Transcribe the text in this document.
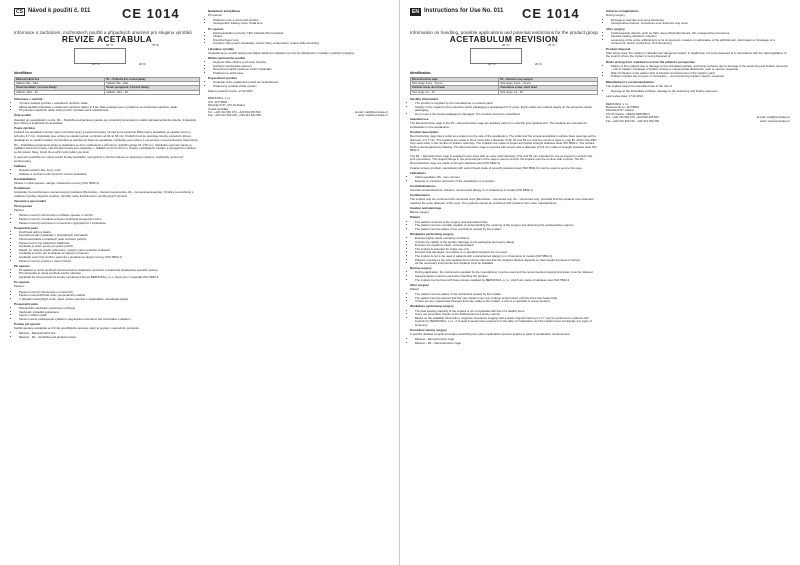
CS Návod k použití č. 011

Informace o zacházení, možnostech použití a případných omezení pro skupinu výrobků

REVIZE ACETABULA
30 °C	75 %
15 °C	20 %
Identifikace
Rekonstrukční koš	R1 – Podložní koš revizní jamky
Velikost: 8ks - 10ks	Velikost: 8ks - 10ks
Šroub kortikální, 4 hrozné hlavky	Šroub spongiózní, 5 hrozné hlavky
Velikost: 12ks – 40	Velikost: 12ks – 60
Informace o sterilitě
• Výrobce dodává výrobek v uzavřeném sterilním obalu.
• Zářivá sterilita implantátu v uzavřeném sterilním balení je 5 let. Data expirace jsou vyznačena na uzavřeném sterilním obalu.
• Při porušení sterilního obalu nelze použít. Výrobek nelze resterilizovat.
Účel použití

Součásti pro acetabulární revize, R1 – Podložka pod jamkovou jamku pro protetický konstrukt pro totální náhradu kyčelního kloubu. Implantáty jsou určeny k implantaci do acetabula.

Popis výrobku

Košíček pro acetabulu má tvar, který má funkci opory a celistvosti jamky. Umístí se ke kostnímu lůžku dutiny acetabula, je opatřen otvory o průměru 4,7 mm. Implantáty jsou určeny ke stavění jamek o průměru od 32 do 58 mm. Podložní koš se upevňuje šrouby a kotvícím klínem, dodávají se ve sterilním balení. Konstrukce je navržena k fixaci do acetabula, implantáty jsou určeny k cementové i necementované fixaci jamky.

R1 – Podložka pod jamkové jamky je dodávána ve dvou velikostech s průměrem vnějšího okraje 51 a 56 mm. Stavitelné upevnění jamky je zajištěno kotvícími šrouby. Upevňovací šrouby jsou dodávány v délkách od 12 do 60 mm. Šrouby s kortikálním závitem a spongiózním závitem se liší tvarem hlavy, šroub lze použít zvolit podle typu kosti.

K upevnění podložky se mohou použít šrouby (kortikální, spongiózní) s plochou hlavou se zkráceným závitem, implantáty mohou být kombinovány.

Indikace
• Dospělí pacienti 18+, ženy, muži
• Indikace k revizním nebo hrozícím revizím acetabula
Kontraindikace

Infekce v místě operace, alergie, intolerance na kovy (ISO 5832-1)

Kombinace

Implantáty lze kombinovat s cementovanými jamkami (Beznoska – Cementovaná jamka, 02 – Cementovaná jamka). Výrobky se kombinují s ostatními výrobky stejného výrobce. Výrobky nelze kombinovat s výrobky jiných výrobců.

Varování a upozornění
Před operací

Pacient

• Pacient musí být informován o průběhu operace a rizicích.
• Pacient musí být mentálně schopen dodržovat pooperační režim.
• Pacient musí být seznámen s omezeními vyplývajícími z implantace.
Pooperační péče
• Dodržovat pokyny lékaře
• Kontrolovat stav implantátu v pravidelných intervalech
• Informovat lékaře o bolestech nebo omezení pohybu
• Pacient nesmí být nadměrně zatěžován
• Implantát je určen pouze pro jedno použití
• Zajistit, že nebude použit poškozený, neúplný nebo nesterilní implantát
• Implantát je určen pro kombinaci se stejným výrobcem
• Implantát nesmí být použit u pacientů s prokázanou alergií na kovy (ISO 5832-1)
• Pacient musí být poučen o všech rizicích
Při operaci
• Při aplikaci je nutné používat instrumentarium dodávané výrobcem a dodržovat předepsaný operační postup
• Při manipulaci je nutné používat sterilní rukavice
• Implantát lze fixovat kostními šrouby vyrobenými firmou BEZNOSKA, s.r.o. které jsou z materiálu ISO 5832-3
Po operaci

Pacient

• Pacient musí být informován o omezeních
• Pacient musí dodržovat režim pooperačního období
• V případě neobvyklých změn, které mohou souviset s implantátem, kontaktujte lékaře
Pooperační péče
• Dlouhodobé sledování pacienta je nezbytné
• Sledování výsledků implantace
• Sporty s rizikem pádů
• Pacient nesmí podstupovat vyšetření magnetickou rezonancí bez konzultace s lékařem
Postup při operaci

Každá operace acetabula se řídí dle specifického postupu, který je popsán v operačním protokolu.

• Manuál – Rekonstrukční koš
• Manuál – R1 – Podložka pod jamkové jamky
CE 1014	Nežádoucí komplikace

Při operaci

• Poškození cév a nervových struktur
• Intraoperační fraktury kostí, ztráta krve
Po operaci
• Kardiovaskulární poruchy, TEN, hluboká žilní trombóza
• Infekce
• Porucha hojení rány
• Uvolnění nebo posun implantátu, luxace hlavy endoprotézy, změna délky končetiny
Likvidace výrobku

Implantát se po použití stává potenciálně infekčním odpadem a musí být zlikvidován v souladu s platnými předpisy.

Rizika opětovného použití
• Zvýšené riziko infekce a přenosu choroby
• Snížená mechanická odolnost
• Nemožnost zajistit správnou funkci implantátu
• Poškození a deformace
Doporučení výrobce
• Implantát nelze opakovaně použít ani resterilizovat
• Poškozený výrobek vraťte výrobci

Datum poslední revize: 17.02.2021

BEZNOSKA, s.r.o.
ICO: 42779894
Dělnická 2727, 272 01 Kladno
Česká republika
Tel.: +420 312 660 470, +420 602 666 500	E-mail: mail@beznoska.cz
Fax: +420 312 660 216, +420 312 662 666	www: www.beznoska.cz
EN Instructions for Use No. 011

Information on handling, possible applications and potential restrictions for the product group

ACETABULUM REVISION
30 °C	75 %
15 °C	20 %
Identification
Reconstruction cage	R1 – Revision cup support
Size range: 8 pcs – 10 pcs	Size range: 8 pcs – 10 pcs
Cortical screw, short head	Cancellous screw, short head
Size range: 12 – 40	Size range: 12 – 60
Sterility information
• The product is supplied by the manufacturer in a sterile pack.
• Sterility of the implant in the protective sterile packaging is guaranteed for 5 years. Expiry dates are marked clearly on the protective sterile packaging.
• Do not use if the sterile packaging is damaged. The product cannot be resterilised.
Intended use

The Reconstruction cage is the R1 – Reconstruction cage are auxiliary parts for a total hip joint replacement. The implants are intended for implantation in the acetabulum.

Product description

Reconstruction cage has a collar as a support on the side of the acetabulum. The collar and the screws acetabulum surface have openings with a diameter of 4.7 mm. The implants are made in three sizes with a diameter of 46, 52 and 56 mm and two versions (type A, type B), which only differ from each other in the number of fixation openings. The implants are made of forged and tested wrought stainless steel ISO 5832-1. The surface finish is accompanied by blasting. The Reconstruction cage is secured with screws with a diameter of 6.5 mm made of wrought stainless steel ISO 5832-3.

The R1 – Reconstruction cage is supplied in two sizes with an outer shell diameter of 51 and 56 mm intended for use as support in revision hip joint procedures. The shaped flange in the proximal part of the cage is used to anchor the implant onto the os ilium with a screw. The R1 – Reconstruction cage are made of wrought stainless steel (ISO 5832-1).

Fixation screws (cortical, cancellous) with a short head made of wrought stainless steel (ISO 5832-3) must be used to secure the cage.

Indications
• Adult population 18+, men, women
• Existing or imminent protrusion of the acetabulum in a revision
Contraindications

Internal contraindications; infection, documented allergy to or intolerance of metals (ISO 5832-1)

Combinations

The implant may be combined with cemented cups (Beznoska – Cemented cup, 02 – Cemented cup), provided that the implants' inner diameter matches the outer diameter of the cups. The products cannot be combined with products from other manufacturers.

Caution and warnings

Before surgery

Patient
• The patient consents to the surgery and associated risks.
• The patient must be mentally capable of understanding the meaning of the surgery and observing the postoperative regimen.
• The patient must be aware of the restrictions caused by the implant.
Workplace performing surgery
• Ensures highly sterile operating conditions
• Checks the validity of the sterility (damage to the packaging and expiry dates)
• Ensures the implant is intact, uncontaminated
• The implant is intended for single use only
• Ensures that damaged, non-sterile or re-operated implants are not used
• The implant is not to be used in patients with a documented allergy to or intolerance of metals (ISO 5832-1)
• Patients receiving a hip joint replacement must be informed that the implant's lifetime depends on their weight and level of activity
• All the necessary instruments and implants must be available
During surgery
• During application, the instruments supplied by the manufacturer must be used and the recommended surgical procedure must be followed
• Surgical gloves must be used when handling the product
• The implant can be fixed with bone screws supplied by BEZNOSKA, s.r.o., which are made of stainless steel ISO 5832-3
After surgery

Patient

• The patient must be aware of the restrictions caused by the implant
• The patient must be warned that the new implant may only undergo limited strain until the bone has healed fully
• If there are any unexpected changes that may relate to the implant, a visit to a specialist is recommended
Workplace performing surgery
• The load bearing capacity of the implant is not comparable with that of a healthy bone
• Carry out preventive checks of the artificial joint at a timely manner
• Based on the available information, magnetic resonance imaging with a static magnetic field up to 1.7 may be performed in patients with implants by BEZNOSKA, s.r.o., if at least 6 weeks have passed from the date of implantation and the implant does not display any signs of loosening
Procedure during surgery

A specific detailed surgical procedure describing the entire implantation process applies to each of acetabulum reinforcement.

• Manual – Reconstruction cage
• Manual – R1 – Reconstruction cage
CE 1014	Adverse complications

During surgery

• Damage to vascular and nerve structures
• Intraoperative fracture, sometimes even fractures may occur
After surgery
• Cardiovascular defects, such as TEN, deep phlebothrombosis, HK, postoperative hematoma
• Infected healing disorders, infection
• Loosening of the entire artificial joint or its components, luxation or subluxation of the artificial joint, deformation or breakage of a component, flexion contracture, limb shortening
Product disposal

After being used, the implant is classified as "dangerous waste" in healthcare; it is to be disposed of in accordance with the valid legislation of the country where the implant is being disposed of.

Risks arising from repeated use from the patient's perspective
• Failure of the implants due to damage to the articulated surface, anchoring surfaces due to damage to the anchoring and fixation elements – risk of rotation, breakage of fixation screws or inappropriate distribution, pain or need to reoperate
• Risk of infection in the patient (risk of infection and loosening of the implant, pain)
• Problem implant due to loose or incomplete – non-functioning implant; need to reoperate
Manufacturer's recommendations

The implant cannot be resterilised due to the risk of:

• Damage to the articulated surfaces, damage to the anchoring and fixation elements

Last review date: 17.02.2021

BEZNOSKA, s.r.o.
Business ID no: 42779894
Dělnická 2727, Kladno
272 01 Kladno, CZECH REPUBLIC
Tel.: +420 312 660 470, +420 602 666 500	E-mail: mail@beznoska.cz
Fax: +420 312 660 216, +420 312 662 666	www: www.beznoska.cz
